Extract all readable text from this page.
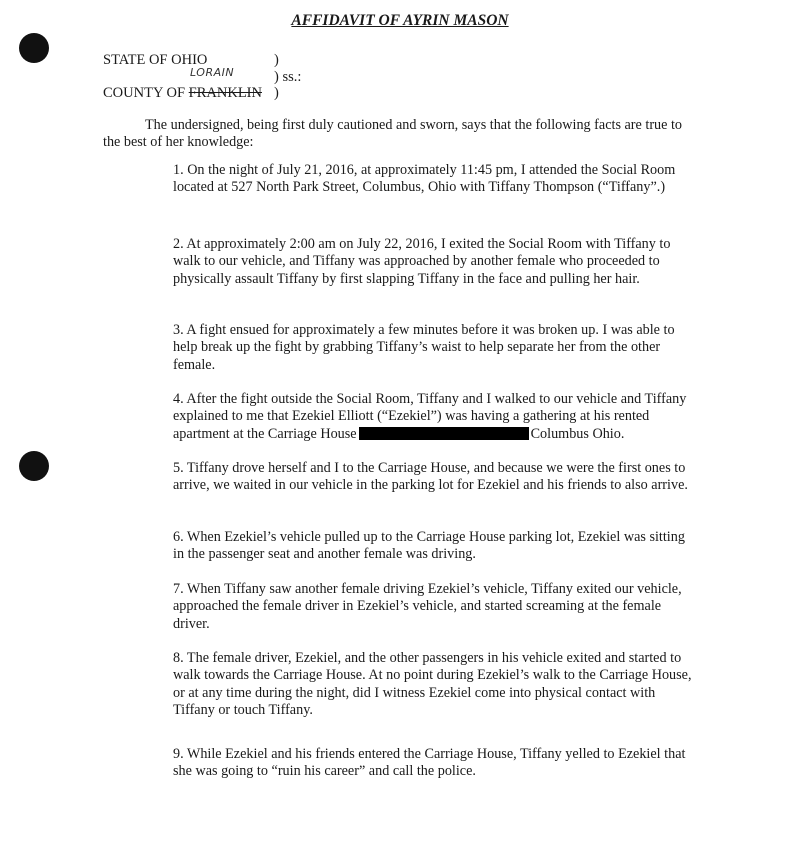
AFFIDAVIT OF AYRIN MASON
STATE OF OHIO
COUNTY OF FRANKLIN
LORAIN
)
) ss.:
)
The undersigned, being first duly cautioned and sworn, says that the following facts are true to the best of her knowledge:
1. On the night of July 21, 2016, at approximately 11:45 pm, I attended the Social Room located at 527 North Park Street, Columbus, Ohio with Tiffany Thompson (“Tiffany”.)
2. At approximately 2:00 am on July 22, 2016, I exited the Social Room with Tiffany to walk to our vehicle, and Tiffany was approached by another female who proceeded to physically assault Tiffany by first slapping Tiffany in the face and pulling her hair.
3. A fight ensued for approximately a few minutes before it was broken up. I was able to help break up the fight by grabbing Tiffany’s waist to help separate her from the other female.
4. After the fight outside the Social Room, Tiffany and I walked to our vehicle and Tiffany explained to me that Ezekiel Elliott (“Ezekiel”) was having a gathering at his rented apartment at the Carriage House	Columbus Ohio.
5. Tiffany drove herself and I to the Carriage House, and because we were the first ones to arrive, we waited in our vehicle in the parking lot for Ezekiel and his friends to also arrive.
6. When Ezekiel’s vehicle pulled up to the Carriage House parking lot, Ezekiel was sitting in the passenger seat and another female was driving.
7. When Tiffany saw another female driving Ezekiel’s vehicle, Tiffany exited our vehicle, approached the female driver in Ezekiel’s vehicle, and started screaming at the female driver.
8. The female driver, Ezekiel, and the other passengers in his vehicle exited and started to walk towards the Carriage House. At no point during Ezekiel’s walk to the Carriage House, or at any time during the night, did I witness Ezekiel come into physical contact with Tiffany or touch Tiffany.
9. While Ezekiel and his friends entered the Carriage House, Tiffany yelled to Ezekiel that she was going to “ruin his career” and call the police.
